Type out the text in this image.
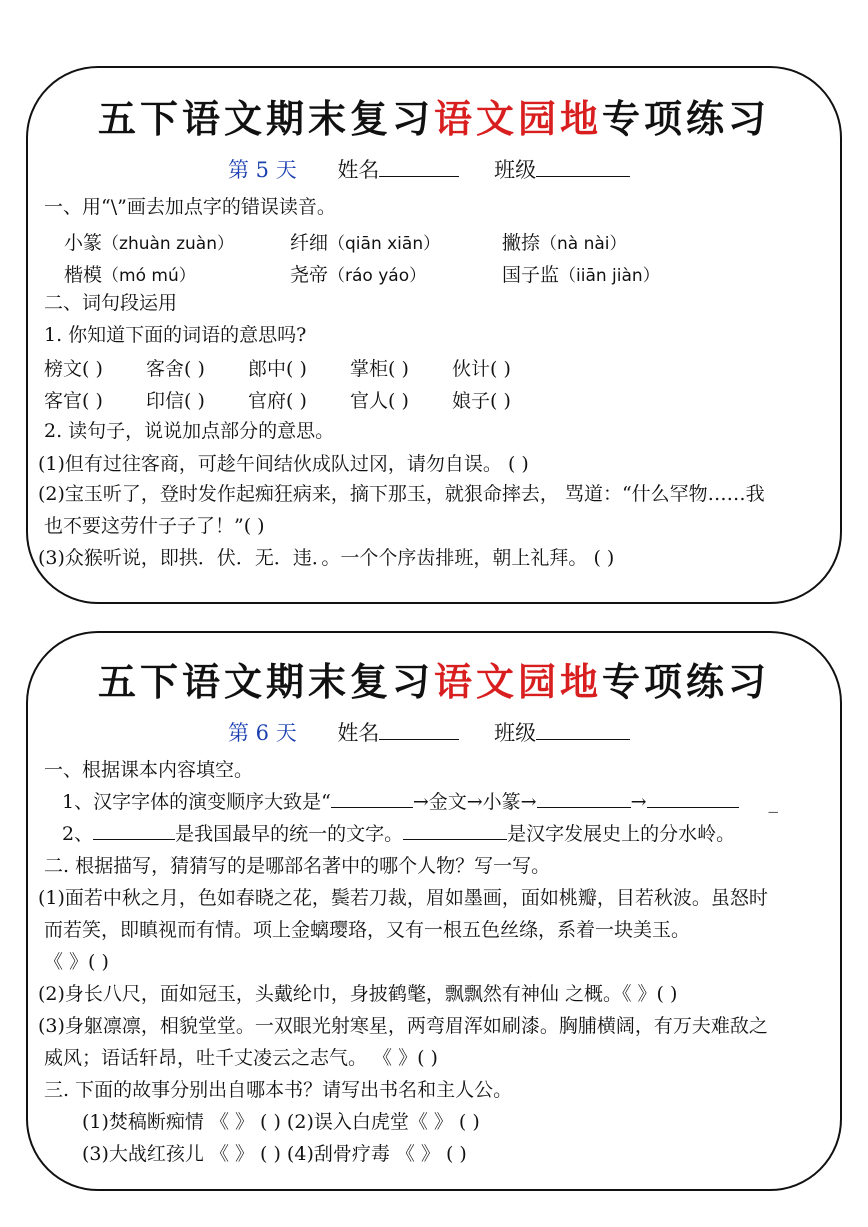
五下语文期末复习语文园地专项练习
第 5 天 姓名	班级
一、用“\”画去加点字的错误读音。
小篆（zhuàn zuàn）	纤细（qiān xiān）	撇捺（nà nài）
楷模（mó mú）	尧帝（ráo yáo）	国子监（iiān jiàn）
二、词句段运用
1. 你知道下面的词语的意思吗?
榜文( ) 客舍( ) 郎中( ) 掌柜( ) 伙计( )
客官( ) 印信( ) 官府( ) 官人( ) 娘子( )
2. 读句子，说说加点部分的意思。
(1)但有过往客商，可趁午间结伙成队过冈，请勿自误。 ( )
(2)宝玉听了，登时发作起痴狂病来，摘下那玉，就狠命摔去， 骂道：“什么罕物……我
也不要这劳什子子了！”( )
(3)众猴听说，即拱．伏．无．违．。一个个序齿排班，朝上礼拜。 ( )
五下语文期末复习语文园地专项练习
第 6 天 姓名	班级
一、根据课本内容填空。
1、汉字字体的演变顺序大致是“	→金文→小篆→	→	_
2、	是我国最早的统一的文字。	是汉字发展史上的分水岭。
二. 根据描写，猜猜写的是哪部名著中的哪个人物？写一写。
(1)面若中秋之月，色如春晓之花，鬓若刀裁，眉如墨画，面如桃瓣，目若秋波。虽怒时
而若笑，即瞋视而有情。项上金螭璎珞，又有一根五色丝绦，系着一块美玉。
《 》( )
(2)身长八尺，面如冠玉，头戴纶巾，身披鹤氅，飘飘然有神仙 之概。《 》( )
(3)身躯凛凛，相貌堂堂。一双眼光射寒星，两弯眉浑如刷漆。胸脯横阔，有万夫难敌之
威风；语话轩昂，吐千丈凌云之志气。 《 》( )
三. 下面的故事分别出自哪本书？请写出书名和主人公。
(1)焚稿断痴情 《 》 ( ) (2)误入白虎堂《 》 ( )
(3)大战红孩儿 《 》 ( ) (4)刮骨疗毒 《 》 ( )
